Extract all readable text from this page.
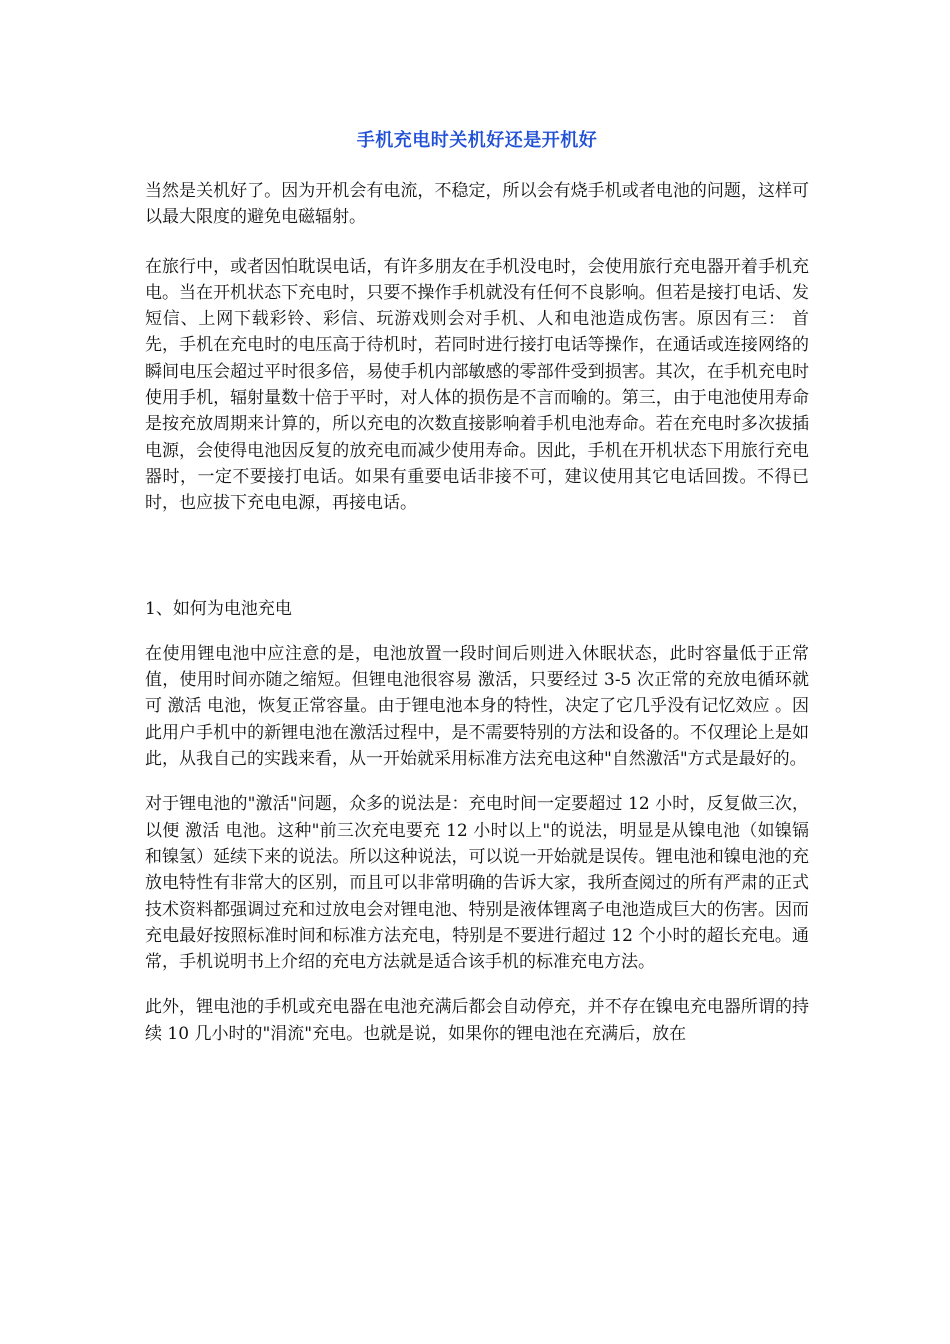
手机充电时关机好还是开机好

当然是关机好了。因为开机会有电流，不稳定，所以会有烧手机或者电池的问题，这样可以最大限度的避免电磁辐射。

在旅行中，或者因怕耽误电话，有许多朋友在手机没电时，会使用旅行充电器开着手机充电。当在开机状态下充电时，只要不操作手机就没有任何不良影响。但若是接打电话、发短信、上网下载彩铃、彩信、玩游戏则会对手机、人和电池造成伤害。原因有三： 首先，手机在充电时的电压高于待机时，若同时进行接打电话等操作，在通话或连接网络的瞬间电压会超过平时很多倍，易使手机内部敏感的零部件受到损害。其次，在手机充电时使用手机，辐射量数十倍于平时，对人体的损伤是不言而喻的。第三，由于电池使用寿命是按充放周期来计算的，所以充电的次数直接影响着手机电池寿命。若在充电时多次拔插电源，会使得电池因反复的放充电而减少使用寿命。因此，手机在开机状态下用旅行充电器时，一定不要接打电话。如果有重要电话非接不可，建议使用其它电话回拨。不得已时，也应拔下充电电源，再接电话。

1、如何为电池充电

在使用锂电池中应注意的是，电池放置一段时间后则进入休眠状态，此时容量低于正常值，使用时间亦随之缩短。但锂电池很容易 激活，只要经过 3-5 次正常的充放电循环就可 激活 电池，恢复正常容量。由于锂电池本身的特性，决定了它几乎没有记忆效应 。因此用户手机中的新锂电池在激活过程中，是不需要特别的方法和设备的。不仅理论上是如此，从我自己的实践来看，从一开始就采用标准方法充电这种"自然激活"方式是最好的。

对于锂电池的"激活"问题，众多的说法是：充电时间一定要超过 12 小时，反复做三次，以便 激活 电池。这种"前三次充电要充 12 小时以上"的说法，明显是从镍电池（如镍镉和镍氢）延续下来的说法。所以这种说法，可以说一开始就是误传。锂电池和镍电池的充放电特性有非常大的区别，而且可以非常明确的告诉大家，我所查阅过的所有严肃的正式技术资料都强调过充和过放电会对锂电池、特别是液体锂离子电池造成巨大的伤害。因而充电最好按照标准时间和标准方法充电，特别是不要进行超过 12 个小时的超长充电。通常，手机说明书上介绍的充电方法就是适合该手机的标准充电方法。

此外，锂电池的手机或充电器在电池充满后都会自动停充，并不存在镍电充电器所谓的持续 10 几小时的"涓流"充电。也就是说，如果你的锂电池在充满后，放在
